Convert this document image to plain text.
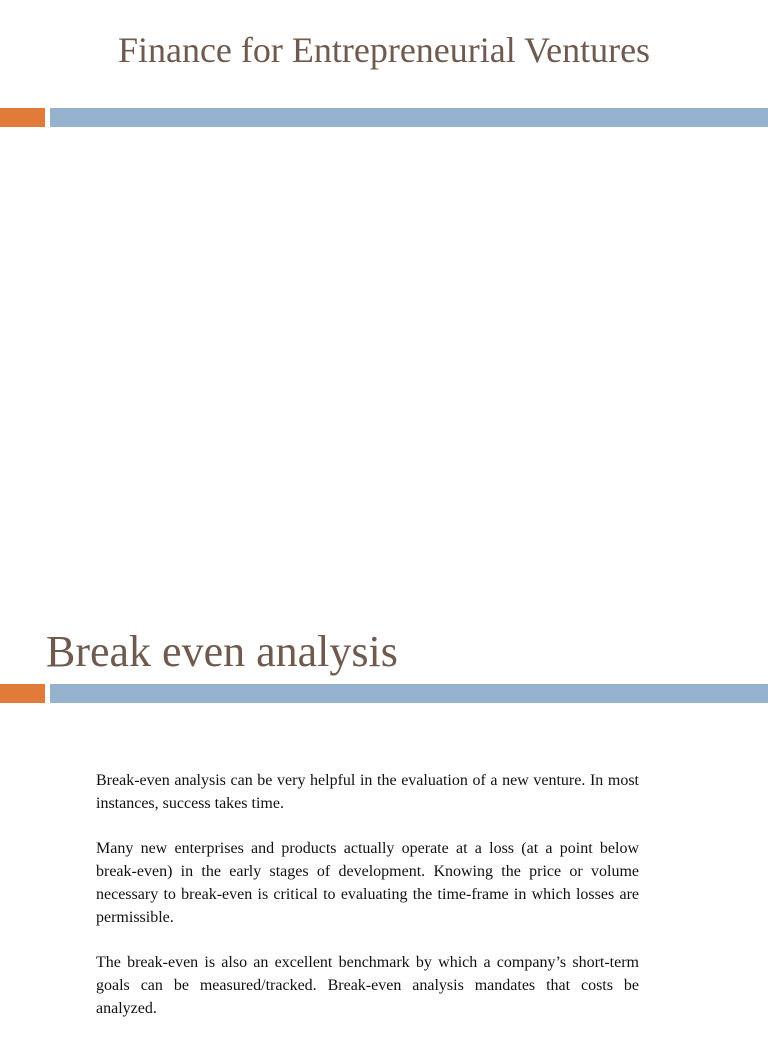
Finance for Entrepreneurial Ventures
Break even analysis

Break-even analysis can be very helpful in the evaluation of a new venture. In most instances, success takes time.

Many new enterprises and products actually operate at a loss (at a point below break-even) in the early stages of development. Knowing the price or volume necessary to break-even is critical to evaluating the time-frame in which losses are permissible.

The break-even is also an excellent benchmark by which a company’s short-term goals can be measured/tracked. Break-even analysis mandates that costs be analyzed.
